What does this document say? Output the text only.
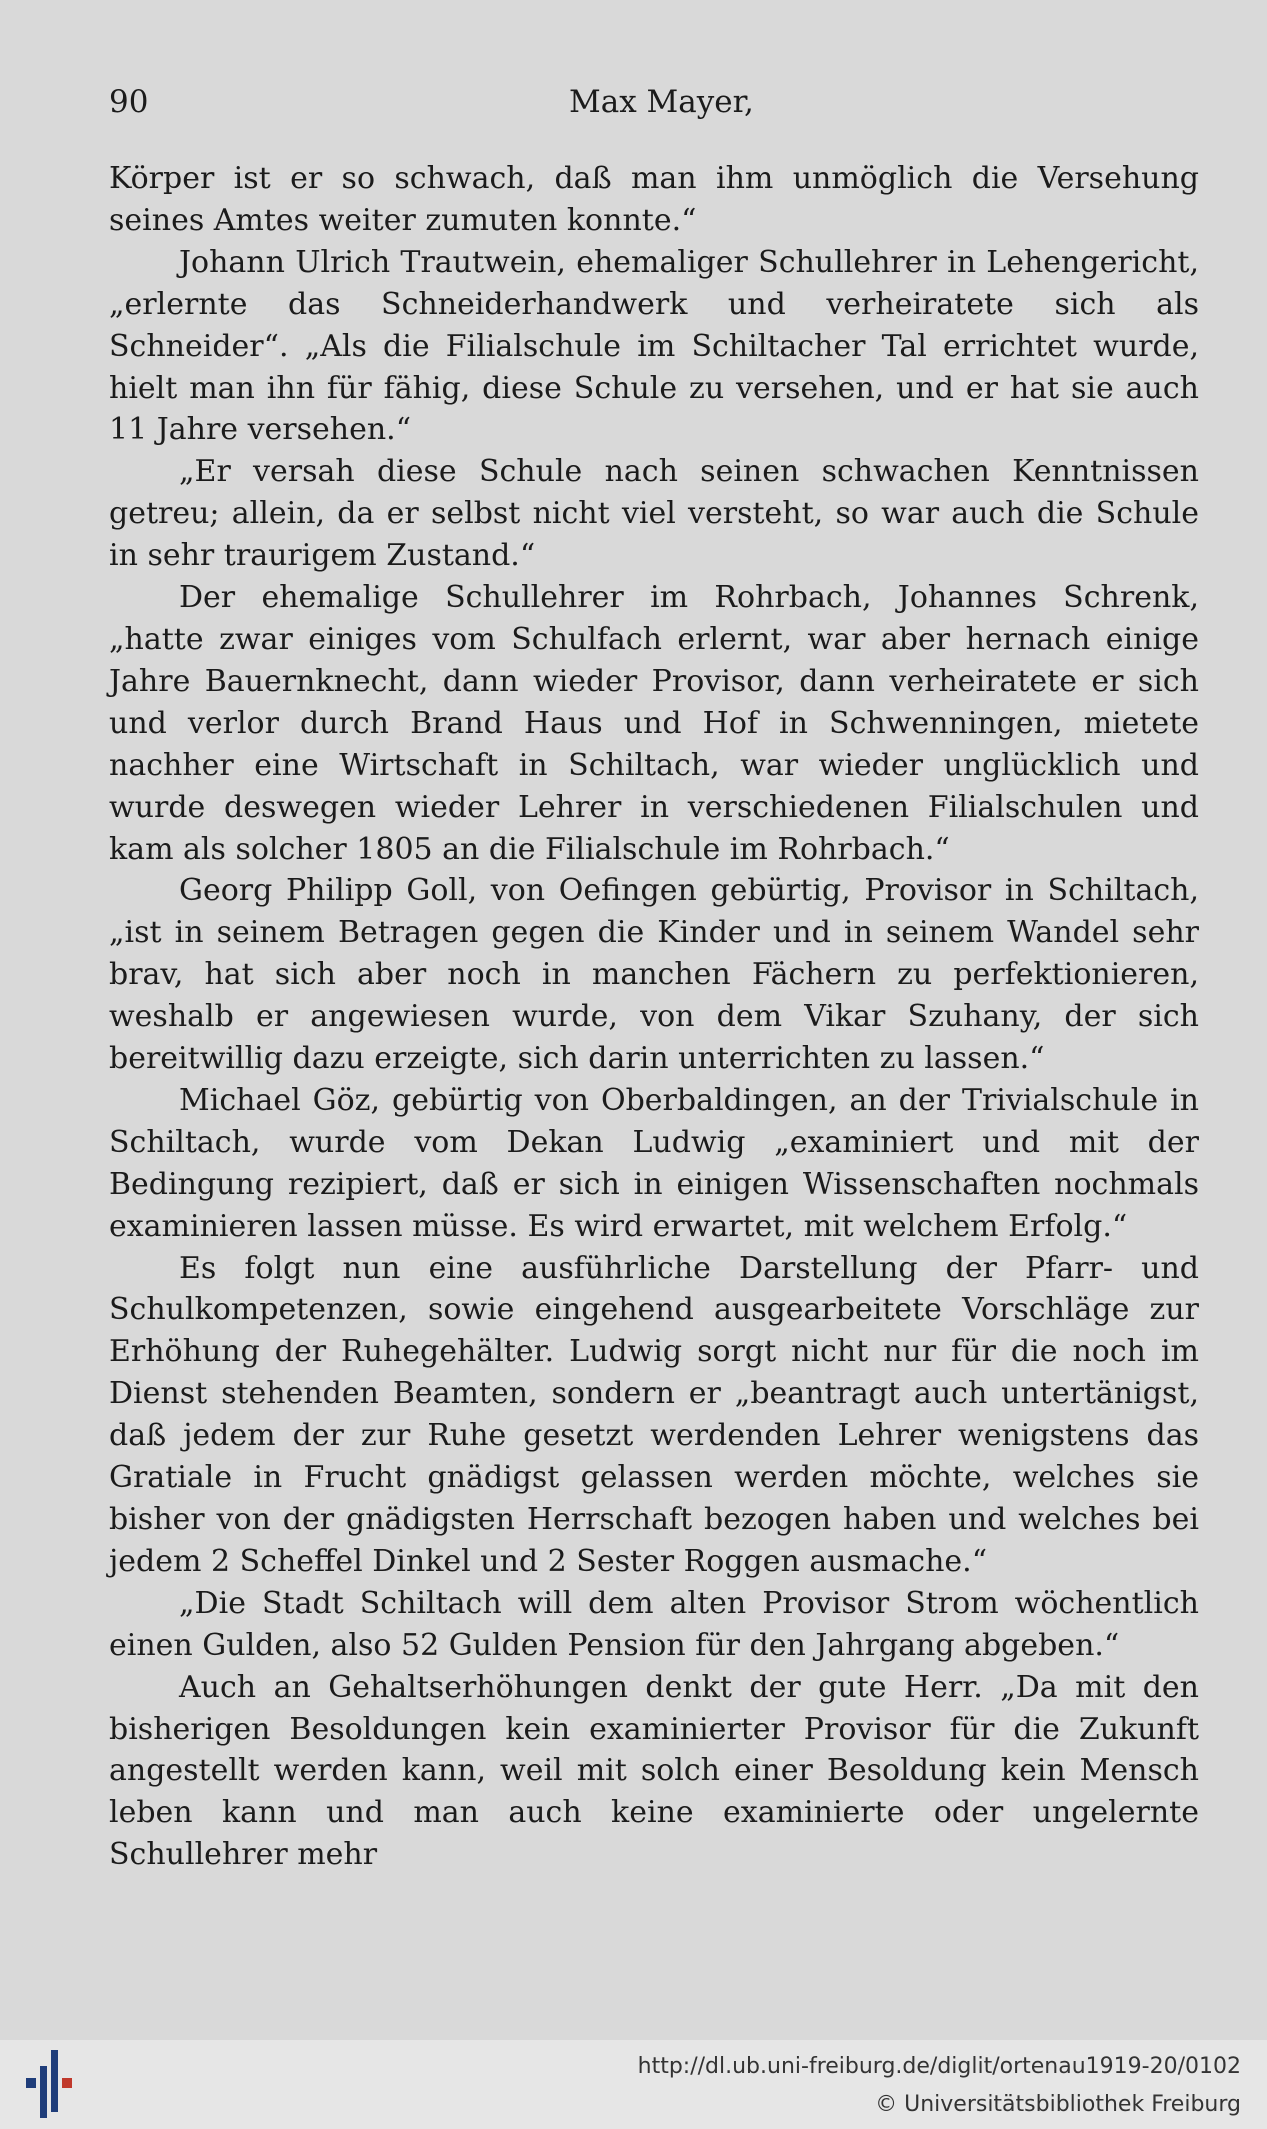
90	Max Mayer,

Körper ist er so schwach, daß man ihm unmöglich die Versehung seines Amtes weiter zumuten konnte.“

Johann Ulrich Trautwein, ehemaliger Schullehrer in Lehengericht, „erlernte das Schneiderhandwerk und verheiratete sich als Schneider“. „Als die Filialschule im Schiltacher Tal errichtet wurde, hielt man ihn für fähig, diese Schule zu versehen, und er hat sie auch 11 Jahre versehen.“

„Er versah diese Schule nach seinen schwachen Kenntnissen getreu; allein, da er selbst nicht viel versteht, so war auch die Schule in sehr traurigem Zustand.“

Der ehemalige Schullehrer im Rohrbach, Johannes Schrenk, „hatte zwar einiges vom Schulfach erlernt, war aber hernach einige Jahre Bauernknecht, dann wieder Provisor, dann verheiratete er sich und verlor durch Brand Haus und Hof in Schwenningen, mietete nachher eine Wirtschaft in Schiltach, war wieder unglücklich und wurde deswegen wieder Lehrer in verschiedenen Filialschulen und kam als solcher 1805 an die Filialschule im Rohrbach.“

Georg Philipp Goll, von Oefingen gebürtig, Provisor in Schiltach, „ist in seinem Betragen gegen die Kinder und in seinem Wandel sehr brav, hat sich aber noch in manchen Fächern zu perfektionieren, weshalb er angewiesen wurde, von dem Vikar Szuhany, der sich bereitwillig dazu erzeigte, sich darin unterrichten zu lassen.“

Michael Göz, gebürtig von Oberbaldingen, an der Trivialschule in Schiltach, wurde vom Dekan Ludwig „examiniert und mit der Bedingung rezipiert, daß er sich in einigen Wissenschaften nochmals examinieren lassen müsse. Es wird erwartet, mit welchem Erfolg.“

Es folgt nun eine ausführliche Darstellung der Pfarr- und Schulkompetenzen, sowie eingehend ausgearbeitete Vorschläge zur Erhöhung der Ruhegehälter. Ludwig sorgt nicht nur für die noch im Dienst stehenden Beamten, sondern er „beantragt auch untertänigst, daß jedem der zur Ruhe gesetzt werdenden Lehrer wenigstens das Gratiale in Frucht gnädigst gelassen werden möchte, welches sie bisher von der gnädigsten Herrschaft bezogen haben und welches bei jedem 2 Scheffel Dinkel und 2 Sester Roggen ausmache.“

„Die Stadt Schiltach will dem alten Provisor Strom wöchentlich einen Gulden, also 52 Gulden Pension für den Jahrgang abgeben.“

Auch an Gehaltserhöhungen denkt der gute Herr. „Da mit den bisherigen Besoldungen kein examinierter Provisor für die Zukunft angestellt werden kann, weil mit solch einer Besoldung kein Mensch leben kann und man auch keine examinierte oder ungelernte Schullehrer mehr

http://dl.ub.uni-freiburg.de/diglit/ortenau1919-20/0102
© Universitätsbibliothek Freiburg
